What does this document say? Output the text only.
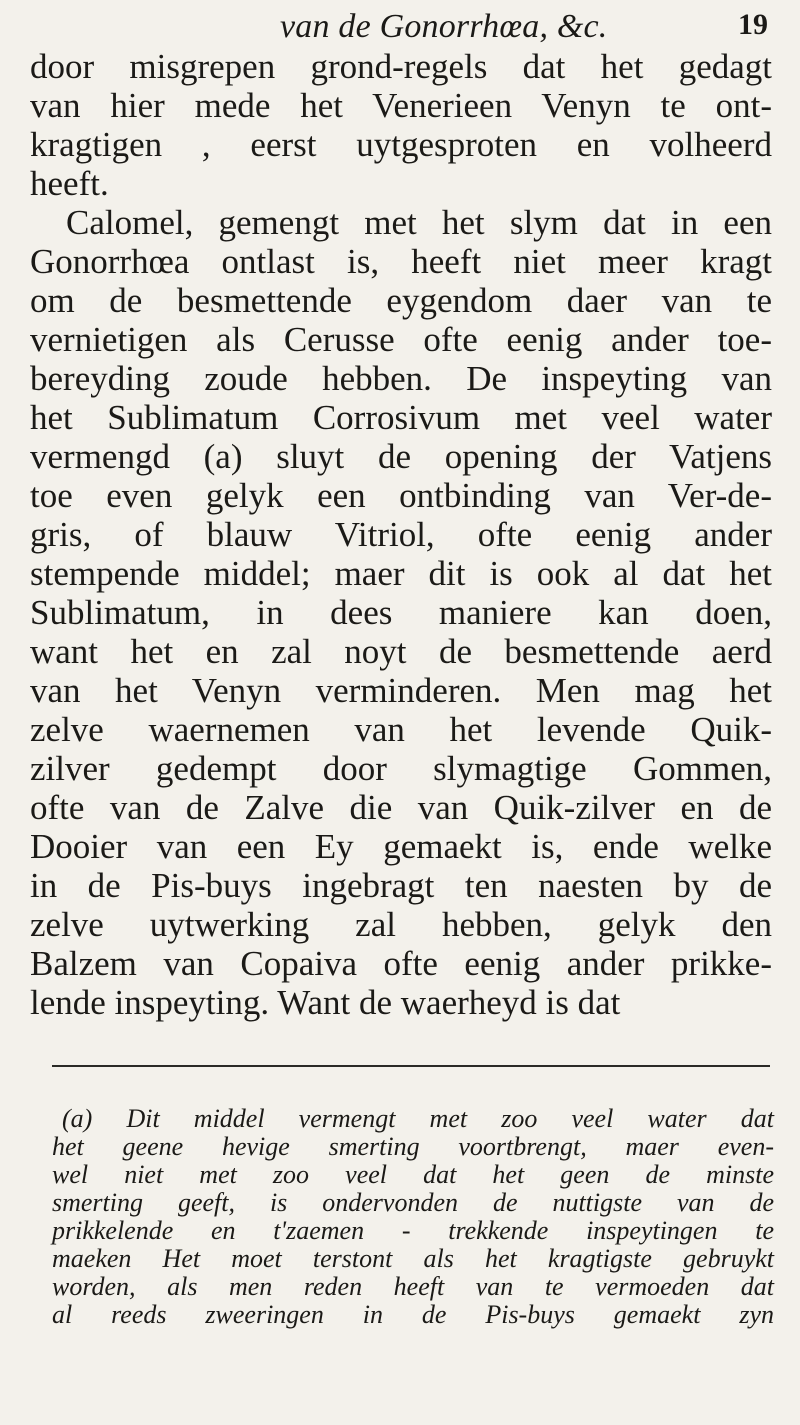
van de Gonorrhœa, &c.	19
door misgrepen grond-regels dat het gedagt
van hier mede het Venerieen Venyn te ont-
kragtigen , eerst uytgesproten en volheerd
heeft.
Calomel, gemengt met het slym dat in een
Gonorrhœa ontlast is, heeft niet meer kragt
om de besmettende eygendom daer van te
vernietigen als Cerusse ofte eenig ander toe-
bereyding zoude hebben. De inspeyting van
het Sublimatum Corrosivum met veel water
vermengd (a) sluyt de opening der Vatjens
toe even gelyk een ontbinding van Ver-de-
gris, of blauw Vitriol, ofte eenig ander
stempende middel; maer dit is ook al dat het
Sublimatum, in dees maniere kan doen,
want het en zal noyt de besmettende aerd
van het Venyn verminderen. Men mag het
zelve waernemen van het levende Quik-
zilver gedempt door slymagtige Gommen,
ofte van de Zalve die van Quik-zilver en de
Dooier van een Ey gemaekt is, ende welke
in de Pis-buys ingebragt ten naesten by de
zelve uytwerking zal hebben, gelyk den
Balzem van Copaiva ofte eenig ander prikke-
lende inspeyting. Want de waerheyd is dat
(a) Dit middel vermengt met zoo veel water dat
het geene hevige smerting voortbrengt, maer even-
wel niet met zoo veel dat het geen de minste
smerting geeft, is ondervonden de nuttigste van de
prikkelende en t'zaemen - trekkende inspeytingen te
maeken Het moet terstont als het kragtigste gebruykt
worden, als men reden heeft van te vermoeden dat
al reeds zweeringen in de Pis-buys gemaekt zyn
